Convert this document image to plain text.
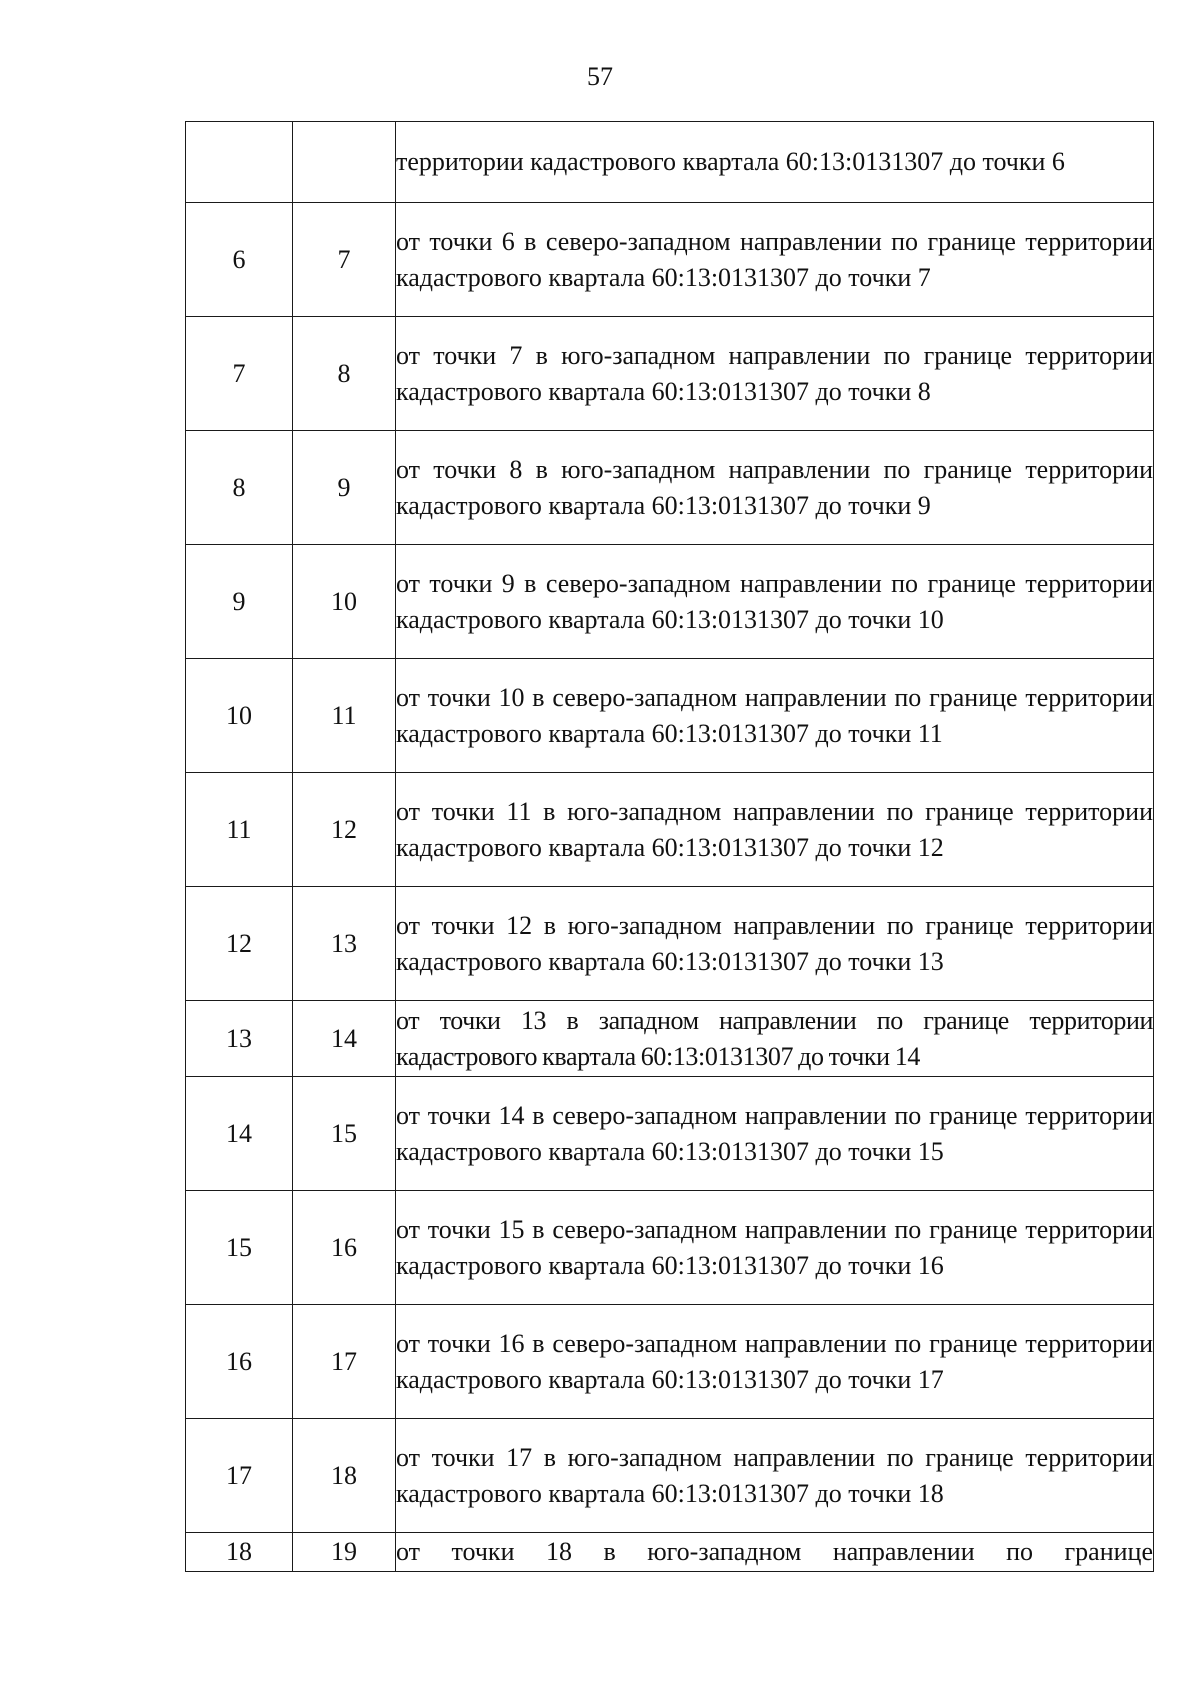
57
		территории кадастрового квартала 60:13:0131307 до точки 6
6	7	от точки 6 в северо-западном направлении по границе территории кадастрового квартала 60:13:0131307 до точки 7
7	8	от точки 7 в юго-западном направлении по границе территории кадастрового квартала 60:13:0131307 до точки 8
8	9	от точки 8 в юго-западном направлении по границе территории кадастрового квартала 60:13:0131307 до точки 9
9	10	от точки 9 в северо-западном направлении по границе территории кадастрового квартала 60:13:0131307 до точки 10
10	11	от точки 10 в северо-западном направлении по границе территории кадастрового квартала 60:13:0131307 до точки 11
11	12	от точки 11 в юго-западном направлении по границе территории кадастрового квартала 60:13:0131307 до точки 12
12	13	от точки 12 в юго-западном направлении по границе территории кадастрового квартала 60:13:0131307 до точки 13
13	14	от точки 13 в западном направлении по границе территории кадастрового квартала 60:13:0131307 до точки 14
14	15	от точки 14 в северо-западном направлении по границе территории кадастрового квартала 60:13:0131307 до точки 15
15	16	от точки 15 в северо-западном направлении по границе территории кадастрового квартала 60:13:0131307 до точки 16
16	17	от точки 16 в северо-западном направлении по границе территории кадастрового квартала 60:13:0131307 до точки 17
17	18	от точки 17 в юго-западном направлении по границе территории кадастрового квартала 60:13:0131307 до точки 18
18	19	от точки 18 в юго-западном направлении по границе
